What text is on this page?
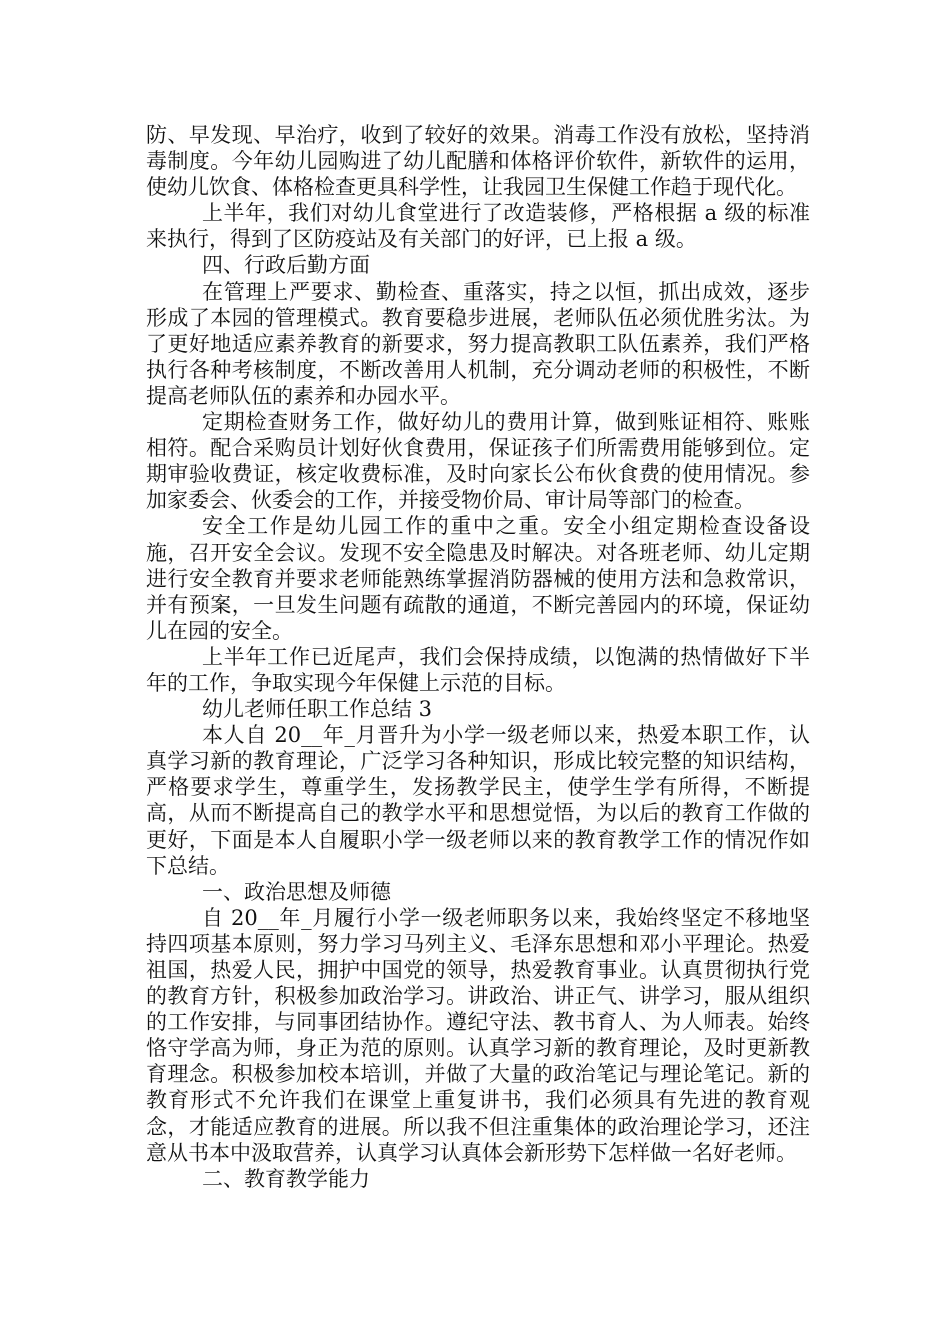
防、早发现、早治疗，收到了较好的效果。消毒工作没有放松，坚持消毒制度。今年幼儿园购进了幼儿配膳和体格评价软件，新软件的运用，使幼儿饮食、体格检查更具科学性，让我园卫生保健工作趋于现代化。

上半年，我们对幼儿食堂进行了改造装修，严格根据 a 级的标准来执行，得到了区防疫站及有关部门的好评，已上报 a 级。

四、行政后勤方面

在管理上严要求、勤检查、重落实，持之以恒，抓出成效，逐步形成了本园的管理模式。教育要稳步进展，老师队伍必须优胜劣汰。为了更好地适应素养教育的新要求，努力提高教职工队伍素养，我们严格执行各种考核制度，不断改善用人机制，充分调动老师的积极性，不断提高老师队伍的素养和办园水平。

定期检查财务工作，做好幼儿的费用计算，做到账证相符、账账相符。配合采购员计划好伙食费用，保证孩子们所需费用能够到位。定期审验收费证，核定收费标准，及时向家长公布伙食费的使用情况。参加家委会、伙委会的工作，并接受物价局、审计局等部门的检查。

安全工作是幼儿园工作的重中之重。安全小组定期检查设备设施，召开安全会议。发现不安全隐患及时解决。对各班老师、幼儿定期进行安全教育并要求老师能熟练掌握消防器械的使用方法和急救常识，并有预案，一旦发生问题有疏散的通道，不断完善园内的环境，保证幼儿在园的安全。

上半年工作已近尾声，我们会保持成绩，以饱满的热情做好下半年的工作，争取实现今年保健上示范的目标。

幼儿老师任职工作总结 3

本人自 20__年_月晋升为小学一级老师以来，热爱本职工作，认真学习新的教育理论，广泛学习各种知识，形成比较完整的知识结构，严格要求学生，尊重学生，发扬教学民主，使学生学有所得，不断提高，从而不断提高自己的教学水平和思想觉悟，为以后的教育工作做的更好，下面是本人自履职小学一级老师以来的教育教学工作的情况作如下总结。

一、政治思想及师德

自 20__年_月履行小学一级老师职务以来，我始终坚定不移地坚持四项基本原则，努力学习马列主义、毛泽东思想和邓小平理论。热爱祖国，热爱人民，拥护中国党的领导，热爱教育事业。认真贯彻执行党的教育方针，积极参加政治学习。讲政治、讲正气、讲学习，服从组织的工作安排，与同事团结协作。遵纪守法、教书育人、为人师表。始终恪守学高为师，身正为范的原则。认真学习新的教育理论，及时更新教育理念。积极参加校本培训，并做了大量的政治笔记与理论笔记。新的教育形式不允许我们在课堂上重复讲书，我们必须具有先进的教育观念，才能适应教育的进展。所以我不但注重集体的政治理论学习，还注意从书本中汲取营养，认真学习认真体会新形势下怎样做一名好老师。

二、教育教学能力
